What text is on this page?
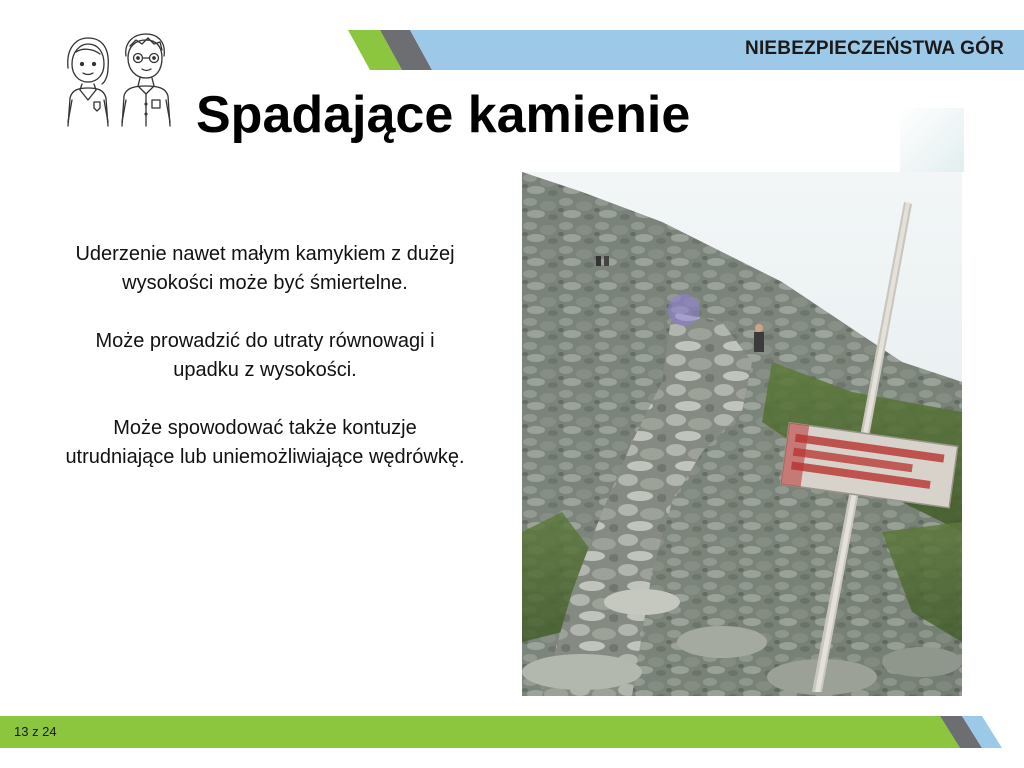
NIEBEZPIECZEŃSTWA GÓR
Spadające kamienie

Uderzenie nawet małym kamykiem z dużej wysokości może być śmiertelne.

Może prowadzić do utraty równowagi i upadku z wysokości.

Może spowodować także kontuzje utrudniające lub uniemożliwiające wędrówkę.

13 z 24
